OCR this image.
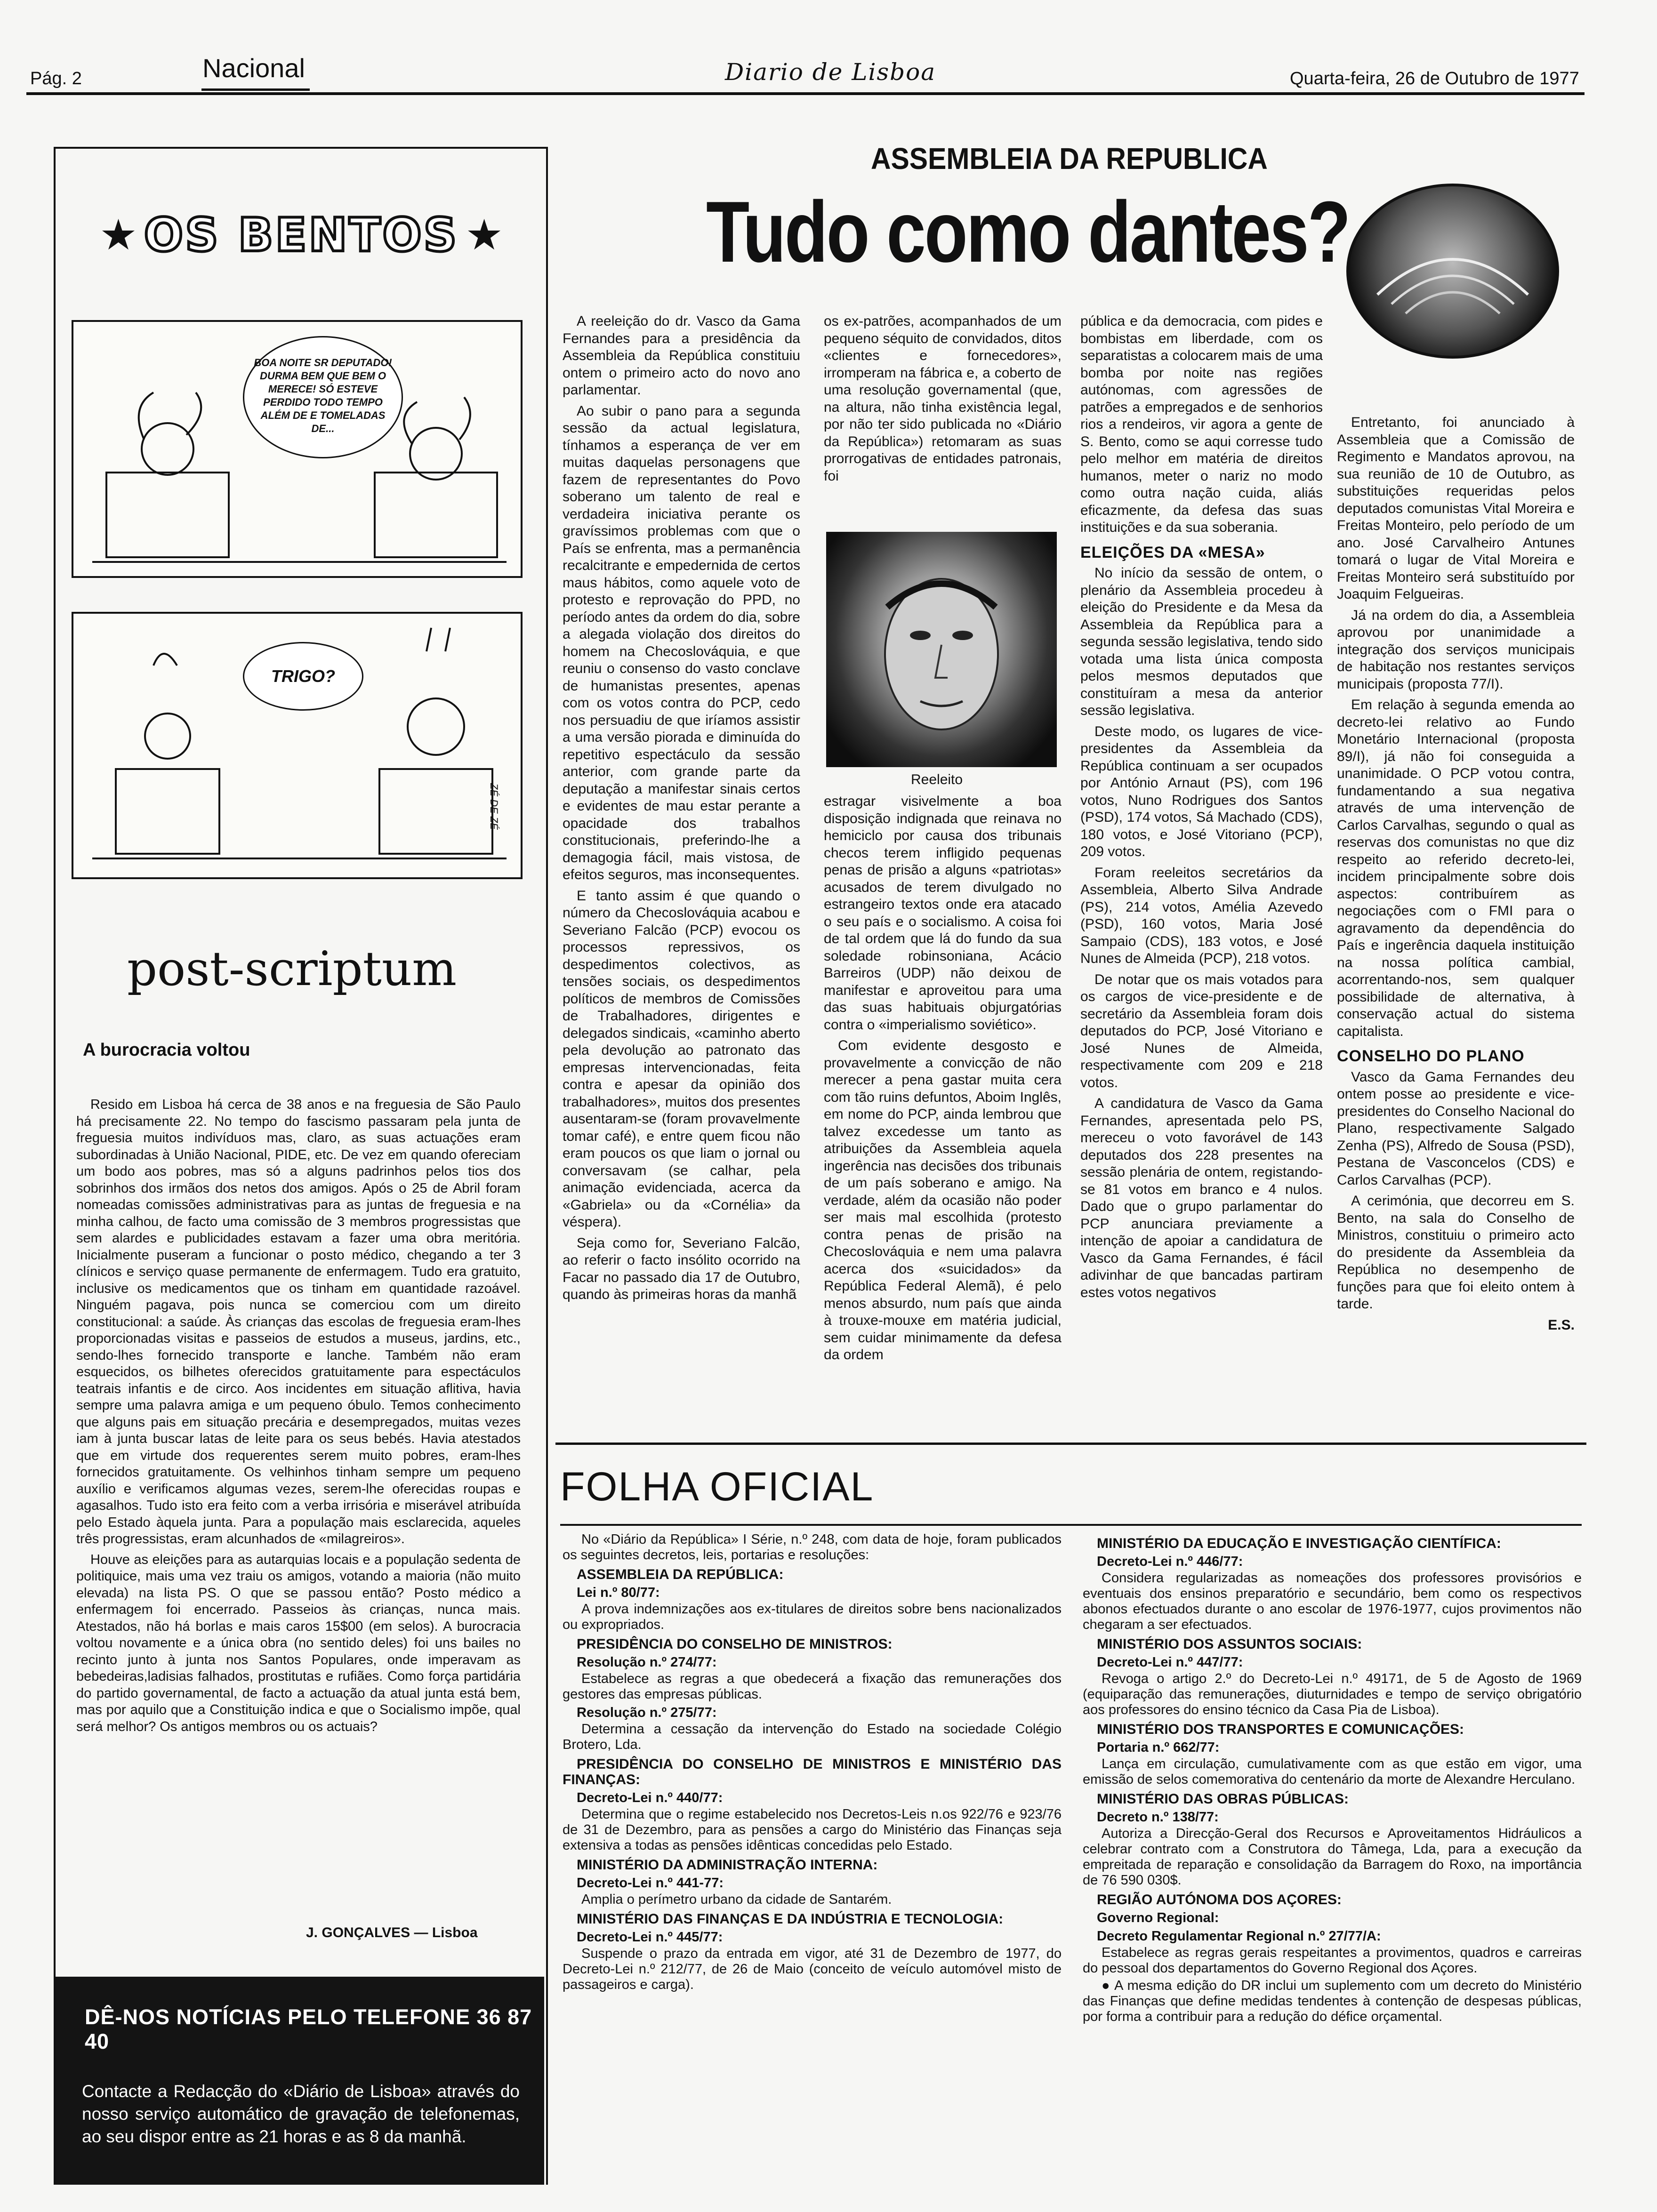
Pág. 2	Nacional	Diario de Lisboa	Quarta-feira, 26 de Outubro de 1977
★ OS BENTOS ★
BOA NOITE SR DEPUTADO! DURMA BEM QUE BEM O MERECE! SÓ ESTEVE PERDIDO TODO TEMPO ALÉM DE E TOMELADAS DE...
TRIGO?
ZÉ DE ZÉ
post-scriptum
A burocracia voltou

Resido em Lisboa há cerca de 38 anos e na freguesia de São Paulo há precisamente 22. No tempo do fascismo passaram pela junta de freguesia muitos indivíduos mas, claro, as suas actuações eram subordinadas à União Nacional, PIDE, etc. De vez em quando ofereciam um bodo aos pobres, mas só a alguns padrinhos pelos tios dos sobrinhos dos irmãos dos netos dos amigos. Após o 25 de Abril foram nomeadas comissões administrativas para as juntas de freguesia e na minha calhou, de facto uma comissão de 3 membros progressistas que sem alardes e publicidades estavam a fazer uma obra meritória. Inicialmente puseram a funcionar o posto médico, chegando a ter 3 clínicos e serviço quase permanente de enfermagem. Tudo era gratuito, inclusive os medicamentos que os tinham em quantidade razoável. Ninguém pagava, pois nunca se comerciou com um direito constitucional: a saúde. Às crianças das escolas de freguesia eram-lhes proporcionadas visitas e passeios de estudos a museus, jardins, etc., sendo-lhes fornecido transporte e lanche. Também não eram esquecidos, os bilhetes oferecidos gratuitamente para espectáculos teatrais infantis e de circo. Aos incidentes em situação aflitiva, havia sempre uma palavra amiga e um pequeno óbulo. Temos conhecimento que alguns pais em situação precária e desempregados, muitas vezes iam à junta buscar latas de leite para os seus bebés. Havia atestados que em virtude dos requerentes serem muito pobres, eram-lhes fornecidos gratuitamente. Os velhinhos tinham sempre um pequeno auxílio e verificamos algumas vezes, serem-lhe oferecidas roupas e agasalhos. Tudo isto era feito com a verba irrisória e miserável atribuída pelo Estado àquela junta. Para a população mais esclarecida, aqueles três progressistas, eram alcunhados de «milagreiros».

Houve as eleições para as autarquias locais e a população sedenta de politiquice, mais uma vez traiu os amigos, votando a maioria (não muito elevada) na lista PS. O que se passou então? Posto médico a enfermagem foi encerrado. Passeios às crianças, nunca mais. Atestados, não há borlas e mais caros 15$00 (em selos). A burocracia voltou novamente e a única obra (no sentido deles) foi uns bailes no recinto junto à junta nos Santos Populares, onde imperavam as bebedeiras,ladisias falhados, prostitutas e rufiães. Como força partidária do partido governamental, de facto a actuação da atual junta está bem, mas por aquilo que a Constituição indica e que o Socialismo impõe, qual será melhor? Os antigos membros ou os actuais?

J. GONÇALVES — Lisboa
DÊ-NOS NOTÍCIAS PELO TELEFONE 36 87 40
Contacte a Redacção do «Diário de Lisboa» através do nosso serviço automático de gravação de telefonemas, ao seu dispor entre as 21 horas e as 8 da manhã.
ASSEMBLEIA DA REPUBLICA
Tudo como dantes?

A reeleição do dr. Vasco da Gama Fernandes para a presidência da Assembleia da República constituiu ontem o primeiro acto do novo ano parlamentar.

Ao subir o pano para a segunda sessão da actual legislatura, tínhamos a esperança de ver em muitas daquelas personagens que fazem de representantes do Povo soberano um talento de real e verdadeira iniciativa perante os gravíssimos problemas com que o País se enfrenta, mas a permanência recalcitrante e empedernida de certos maus hábitos, como aquele voto de protesto e reprovação do PPD, no período antes da ordem do dia, sobre a alegada violação dos direitos do homem na Checoslováquia, e que reuniu o consenso do vasto conclave de humanistas presentes, apenas com os votos contra do PCP, cedo nos persuadiu de que iríamos assistir a uma versão piorada e diminuída do repetitivo espectáculo da sessão anterior, com grande parte da deputação a manifestar sinais certos e evidentes de mau estar perante a opacidade dos trabalhos constitucionais, preferindo-lhe a demagogia fácil, mais vistosa, de efeitos seguros, mas inconsequentes.

E tanto assim é que quando o número da Checoslováquia acabou e Severiano Falcão (PCP) evocou os processos repressivos, os despedimentos colectivos, as tensões sociais, os despedimentos políticos de membros de Comissões de Trabalhadores, dirigentes e delegados sindicais, «caminho aberto pela devolução ao patronato das empresas intervencionadas, feita contra e apesar da opinião dos trabalhadores», muitos dos presentes ausentaram-se (foram provavelmente tomar café), e entre quem ficou não eram poucos os que liam o jornal ou conversavam (se calhar, pela animação evidenciada, acerca da «Gabriela» ou da «Cornélia» da véspera).

Seja como for, Severiano Falcão, ao referir o facto insólito ocorrido na Facar no passado dia 17 de Outubro, quando às primeiras horas da manhã

os ex-patrões, acompanhados de um pequeno séquito de convidados, ditos «clientes e fornecedores», irromperam na fábrica e, a coberto de uma resolução governamental (que, na altura, não tinha existência legal, por não ter sido publicada no «Diário da República») retomaram as suas prorrogativas de entidades patronais, foi

Reeleito

estragar visivelmente a boa disposição indignada que reinava no hemiciclo por causa dos tribunais checos terem infligido pequenas penas de prisão a alguns «patriotas» acusados de terem divulgado no estrangeiro textos onde era atacado o seu país e o socialismo. A coisa foi de tal ordem que lá do fundo da sua soledade robinsoniana, Acácio Barreiros (UDP) não deixou de manifestar e aproveitou para uma das suas habituais objurgatórias contra o «imperialismo soviético».

Com evidente desgosto e provavelmente a convicção de não merecer a pena gastar muita cera com tão ruins defuntos, Aboim Inglês, em nome do PCP, ainda lembrou que talvez excedesse um tanto as atribuições da Assembleia aquela ingerência nas decisões dos tribunais de um país soberano e amigo. Na verdade, além da ocasião não poder ser mais mal escolhida (protesto contra penas de prisão na Checoslováquia e nem uma palavra acerca dos «suicidados» da República Federal Alemã), é pelo menos absurdo, num país que ainda à trouxe-mouxe em matéria judicial, sem cuidar minimamente da defesa da ordem

pública e da democracia, com pides e bombistas em liberdade, com os separatistas a colocarem mais de uma bomba por noite nas regiões autónomas, com agressões de patrões a empregados e de senhorios rios a rendeiros, vir agora a gente de S. Bento, como se aqui corresse tudo pelo melhor em matéria de direitos humanos, meter o nariz no modo como outra nação cuida, aliás eficazmente, da defesa das suas instituições e da sua soberania.

ELEIÇÕES DA «MESA»

No início da sessão de ontem, o plenário da Assembleia procedeu à eleição do Presidente e da Mesa da Assembleia da República para a segunda sessão legislativa, tendo sido votada uma lista única composta pelos mesmos deputados que constituíram a mesa da anterior sessão legislativa.

Deste modo, os lugares de vice-presidentes da Assembleia da República continuam a ser ocupados por António Arnaut (PS), com 196 votos, Nuno Rodrigues dos Santos (PSD), 174 votos, Sá Machado (CDS), 180 votos, e José Vitoriano (PCP), 209 votos.

Foram reeleitos secretários da Assembleia, Alberto Silva Andrade (PS), 214 votos, Amélia Azevedo (PSD), 160 votos, Maria José Sampaio (CDS), 183 votos, e José Nunes de Almeida (PCP), 218 votos.

De notar que os mais votados para os cargos de vice-presidente e de secretário da Assembleia foram dois deputados do PCP, José Vitoriano e José Nunes de Almeida, respectivamente com 209 e 218 votos.

A candidatura de Vasco da Gama Fernandes, apresentada pelo PS, mereceu o voto favorável de 143 deputados dos 228 presentes na sessão plenária de ontem, registando-se 81 votos em branco e 4 nulos. Dado que o grupo parlamentar do PCP anunciara previamente a intenção de apoiar a candidatura de Vasco da Gama Fernandes, é fácil adivinhar de que bancadas partiram estes votos negativos

Entretanto, foi anunciado à Assembleia que a Comissão de Regimento e Mandatos aprovou, na sua reunião de 10 de Outubro, as substituições requeridas pelos deputados comunistas Vital Moreira e Freitas Monteiro, pelo período de um ano. José Carvalheiro Antunes tomará o lugar de Vital Moreira e Freitas Monteiro será substituído por Joaquim Felgueiras.

Já na ordem do dia, a Assembleia aprovou por unanimidade a integração dos serviços municipais de habitação nos restantes serviços municipais (proposta 77/I).

Em relação à segunda emenda ao decreto-lei relativo ao Fundo Monetário Internacional (proposta 89/I), já não foi conseguida a unanimidade. O PCP votou contra, fundamentando a sua negativa através de uma intervenção de Carlos Carvalhas, segundo o qual as reservas dos comunistas no que diz respeito ao referido decreto-lei, incidem principalmente sobre dois aspectos: contribuírem as negociações com o FMI para o agravamento da dependência do País e ingerência daquela instituição na nossa política cambial, acorrentando-nos, sem qualquer possibilidade de alternativa, à conservação actual do sistema capitalista.

CONSELHO DO PLANO

Vasco da Gama Fernandes deu ontem posse ao presidente e vice-presidentes do Conselho Nacional do Plano, respectivamente Salgado Zenha (PS), Alfredo de Sousa (PSD), Pestana de Vasconcelos (CDS) e Carlos Carvalhas (PCP).

A cerimónia, que decorreu em S. Bento, na sala do Conselho de Ministros, constituiu o primeiro acto do presidente da Assembleia da República no desempenho de funções para que foi eleito ontem à tarde.

E.S.
FOLHA OFICIAL

No «Diário da República» I Série, n.º 248, com data de hoje, foram publicados os seguintes decretos, leis, portarias e resoluções:

ASSEMBLEIA DA REPÚBLICA:

Lei n.º 80/77:

A prova indemnizações aos ex-titulares de direitos sobre bens nacionalizados ou expropriados.

PRESIDÊNCIA DO CONSELHO DE MINISTROS:

Resolução n.º 274/77:

Estabelece as regras a que obedecerá a fixação das remunerações dos gestores das empresas públicas.

Resolução n.º 275/77:

Determina a cessação da intervenção do Estado na sociedade Colégio Brotero, Lda.

PRESIDÊNCIA DO CONSELHO DE MINISTROS E MINISTÉRIO DAS FINANÇAS:

Decreto-Lei n.º 440/77:

Determina que o regime estabelecido nos Decretos-Leis n.os 922/76 e 923/76 de 31 de Dezembro, para as pensões a cargo do Ministério das Finanças seja extensiva a todas as pensões idênticas concedidas pelo Estado.

MINISTÉRIO DA ADMINISTRAÇÃO INTERNA:

Decreto-Lei n.º 441-77:

Amplia o perímetro urbano da cidade de Santarém.

MINISTÉRIO DAS FINANÇAS E DA INDÚSTRIA E TECNOLOGIA:

Decreto-Lei n.º 445/77:

Suspende o prazo da entrada em vigor, até 31 de Dezembro de 1977, do Decreto-Lei n.º 212/77, de 26 de Maio (conceito de veículo automóvel misto de passageiros e carga).

MINISTÉRIO DA EDUCAÇÃO E INVESTIGAÇÃO CIENTÍFICA:

Decreto-Lei n.º 446/77:

Considera regularizadas as nomeações dos professores provisórios e eventuais dos ensinos preparatório e secundário, bem como os respectivos abonos efectuados durante o ano escolar de 1976-1977, cujos provimentos não chegaram a ser efectuados.

MINISTÉRIO DOS ASSUNTOS SOCIAIS:

Decreto-Lei n.º 447/77:

Revoga o artigo 2.º do Decreto-Lei n.º 49171, de 5 de Agosto de 1969 (equiparação das remunerações, diuturnidades e tempo de serviço obrigatório aos professores do ensino técnico da Casa Pia de Lisboa).

MINISTÉRIO DOS TRANSPORTES E COMUNICAÇÕES:

Portaria n.º 662/77:

Lança em circulação, cumulativamente com as que estão em vigor, uma emissão de selos comemorativa do centenário da morte de Alexandre Herculano.

MINISTÉRIO DAS OBRAS PÚBLICAS:

Decreto n.º 138/77:

Autoriza a Direcção-Geral dos Recursos e Aproveitamentos Hidráulicos a celebrar contrato com a Construtora do Tâmega, Lda, para a execução da empreitada de reparação e consolidação da Barragem do Roxo, na importância de 76 590 030$.

REGIÃO AUTÓNOMA DOS AÇORES:

Governo Regional:

Decreto Regulamentar Regional n.º 27/77/A:

Estabelece as regras gerais respeitantes a provimentos, quadros e carreiras do pessoal dos departamentos do Governo Regional dos Açores.

● A mesma edição do DR inclui um suplemento com um decreto do Ministério das Finanças que define medidas tendentes à contenção de despesas públicas, por forma a contribuir para a redução do défice orçamental.
